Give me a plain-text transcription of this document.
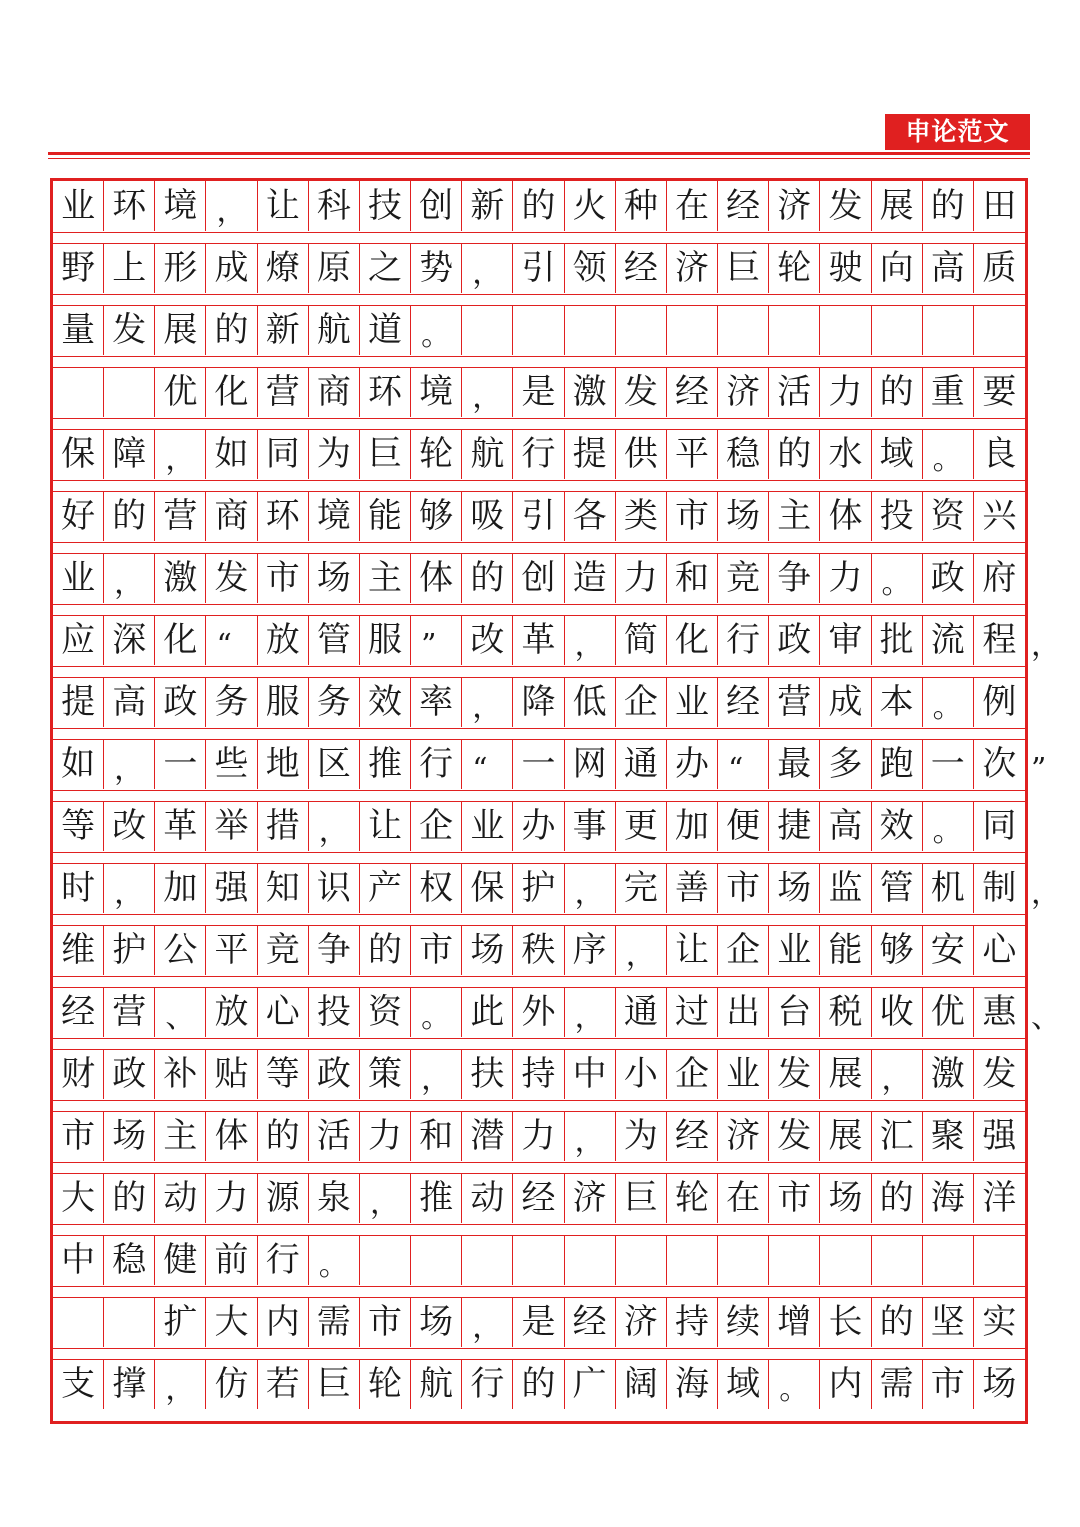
申论范文
业 环 境 ， 让 科 技 创 新 的 火 种 在 经 济 发 展 的 田
野 上 形 成 燎 原 之 势 ， 引 领 经 济 巨 轮 驶 向 高 质
量 发 展 的 新 航 道 。
优 化 营 商 环 境 ， 是 激 发 经 济 活 力 的 重 要
保 障 ， 如 同 为 巨 轮 航 行 提 供 平 稳 的 水 域 。 良
好 的 营 商 环 境 能 够 吸 引 各 类 市 场 主 体 投 资 兴
业 ， 激 发 市 场 主 体 的 创 造 力 和 竞 争 力 。 政 府
应 深 化 “ 放 管 服 ” 改 革 ， 简 化 行 政 审 批 流 程 ，
提 高 政 务 服 务 效 率 ， 降 低 企 业 经 营 成 本 。 例
如 ， 一 些 地 区 推 行 “ 一 网 通 办 “ 最 多 跑 一 次 ”
等 改 革 举 措 ， 让 企 业 办 事 更 加 便 捷 高 效 。 同
时 ， 加 强 知 识 产 权 保 护 ， 完 善 市 场 监 管 机 制 ，
维 护 公 平 竞 争 的 市 场 秩 序 ， 让 企 业 能 够 安 心
经 营 、 放 心 投 资 。 此 外 ， 通 过 出 台 税 收 优 惠 、
财 政 补 贴 等 政 策 ， 扶 持 中 小 企 业 发 展 ， 激 发
市 场 主 体 的 活 力 和 潜 力 ， 为 经 济 发 展 汇 聚 强
大 的 动 力 源 泉 ， 推 动 经 济 巨 轮 在 市 场 的 海 洋
中 稳 健 前 行 。
扩 大 内 需 市 场 ， 是 经 济 持 续 增 长 的 坚 实
支 撑 ， 仿 若 巨 轮 航 行 的 广 阔 海 域 。 内 需 市 场
